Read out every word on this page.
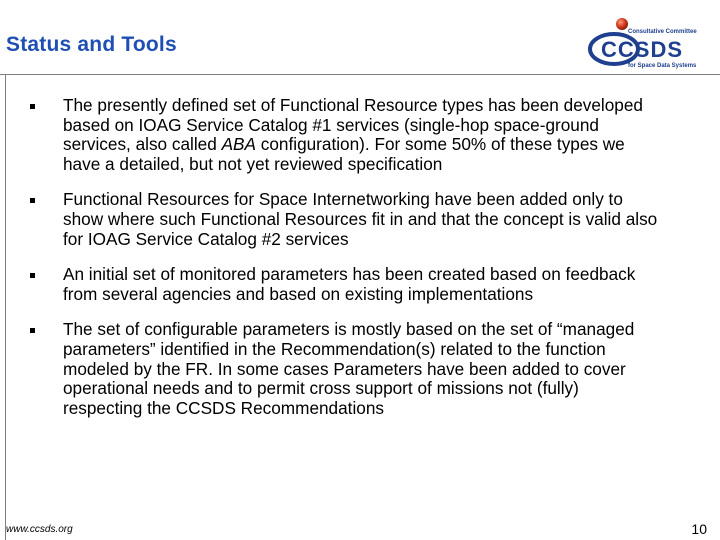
Status and Tools
Consultative Committee
CCSDS
for Space Data Systems
The presently defined set of Functional Resource types has been developed based on IOAG Service Catalog #1 services (single-hop space-ground services, also called ABA configuration). For some 50% of these types we have a detailed, but not yet reviewed specification
Functional Resources for Space Internetworking have been added only to show where such Functional Resources fit in and that the concept is valid also for IOAG Service Catalog #2 services
An initial set of monitored parameters has been created based on feedback from several agencies and based on existing implementations
The set of configurable parameters is mostly based on the set of “managed parameters” identified in the Recommendation(s) related to the function modeled by the FR. In some cases Parameters have been added to cover operational needs and to permit cross support of missions not (fully) respecting the CCSDS Recommendations
www.ccsds.org	10
